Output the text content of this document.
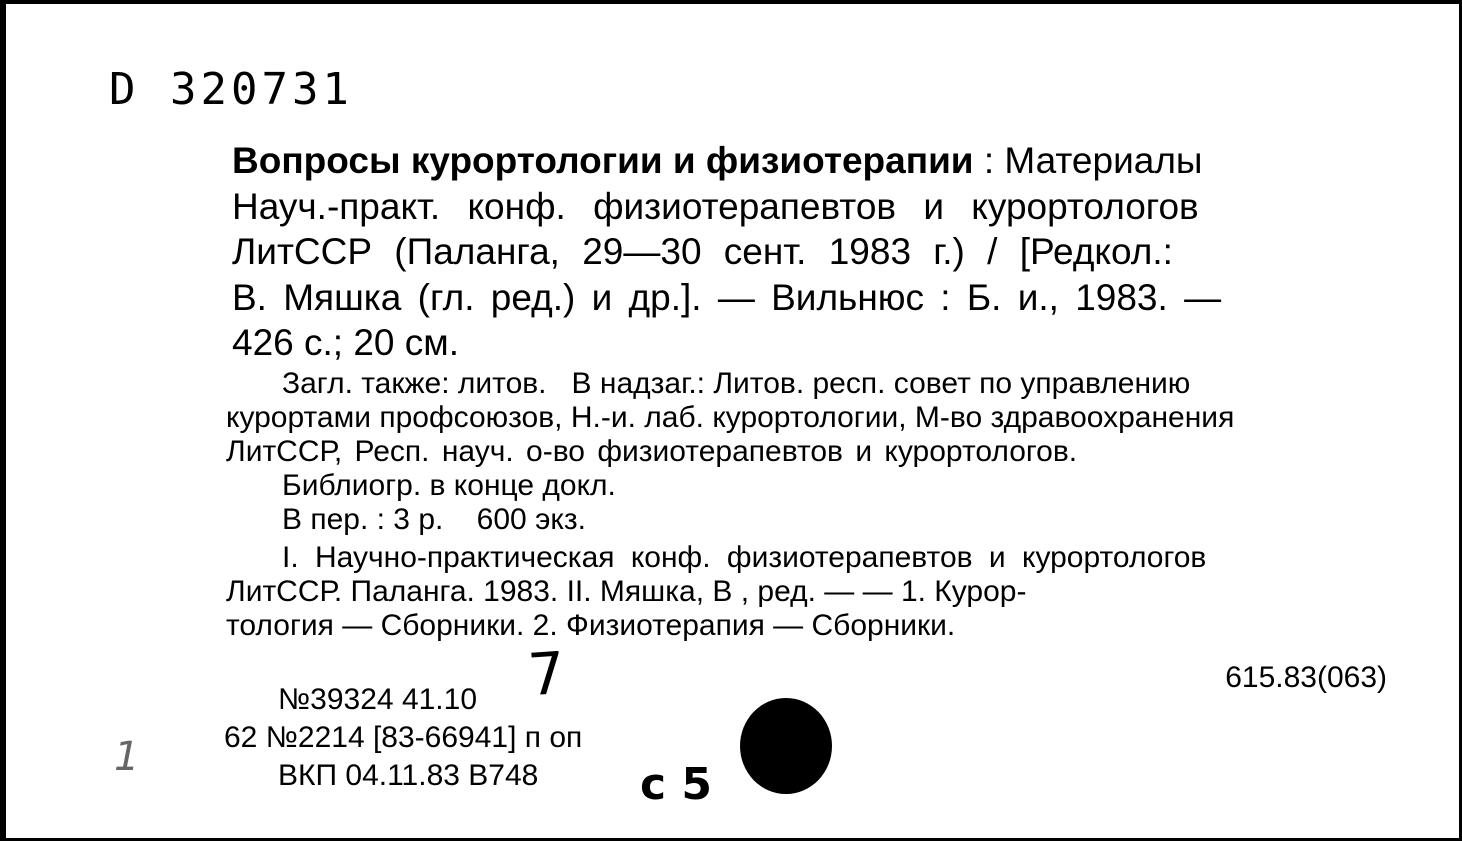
D 320731
Вопросы курортологии и физиотерапии : Материалы
Науч.-практ. конф. физиотерапевтов и курортологов
ЛитССР (Паланга, 29—30 сент. 1983 г.) / [Редкол.:
В. Мяшка (гл. ред.) и др.]. — Вильнюс : Б. и., 1983. —
426 с.; 20 см.
Загл. также: литов.   В надзаг.: Литов. респ. совет по управлению
курортами профсоюзов, Н.-и. лаб. курортологии, М-во здравоохранения
ЛитССР, Респ. науч. о-во физиотерапевтов и курортологов.
Библиогр. в конце докл.
В пер. : 3 р.    600 экз.
I. Научно-практическая конф. физиотерапевтов и курортологов
ЛитССР. Паланга. 1983. II. Мяшка, В , ред. — — 1. Курор-
тология — Сборники. 2. Физиотерапия — Сборники.
615.83(063)
№39324 41.10
62 №2214 [83-66941] п оп
ВКП 04.11.83 В748
7
c 5
1
